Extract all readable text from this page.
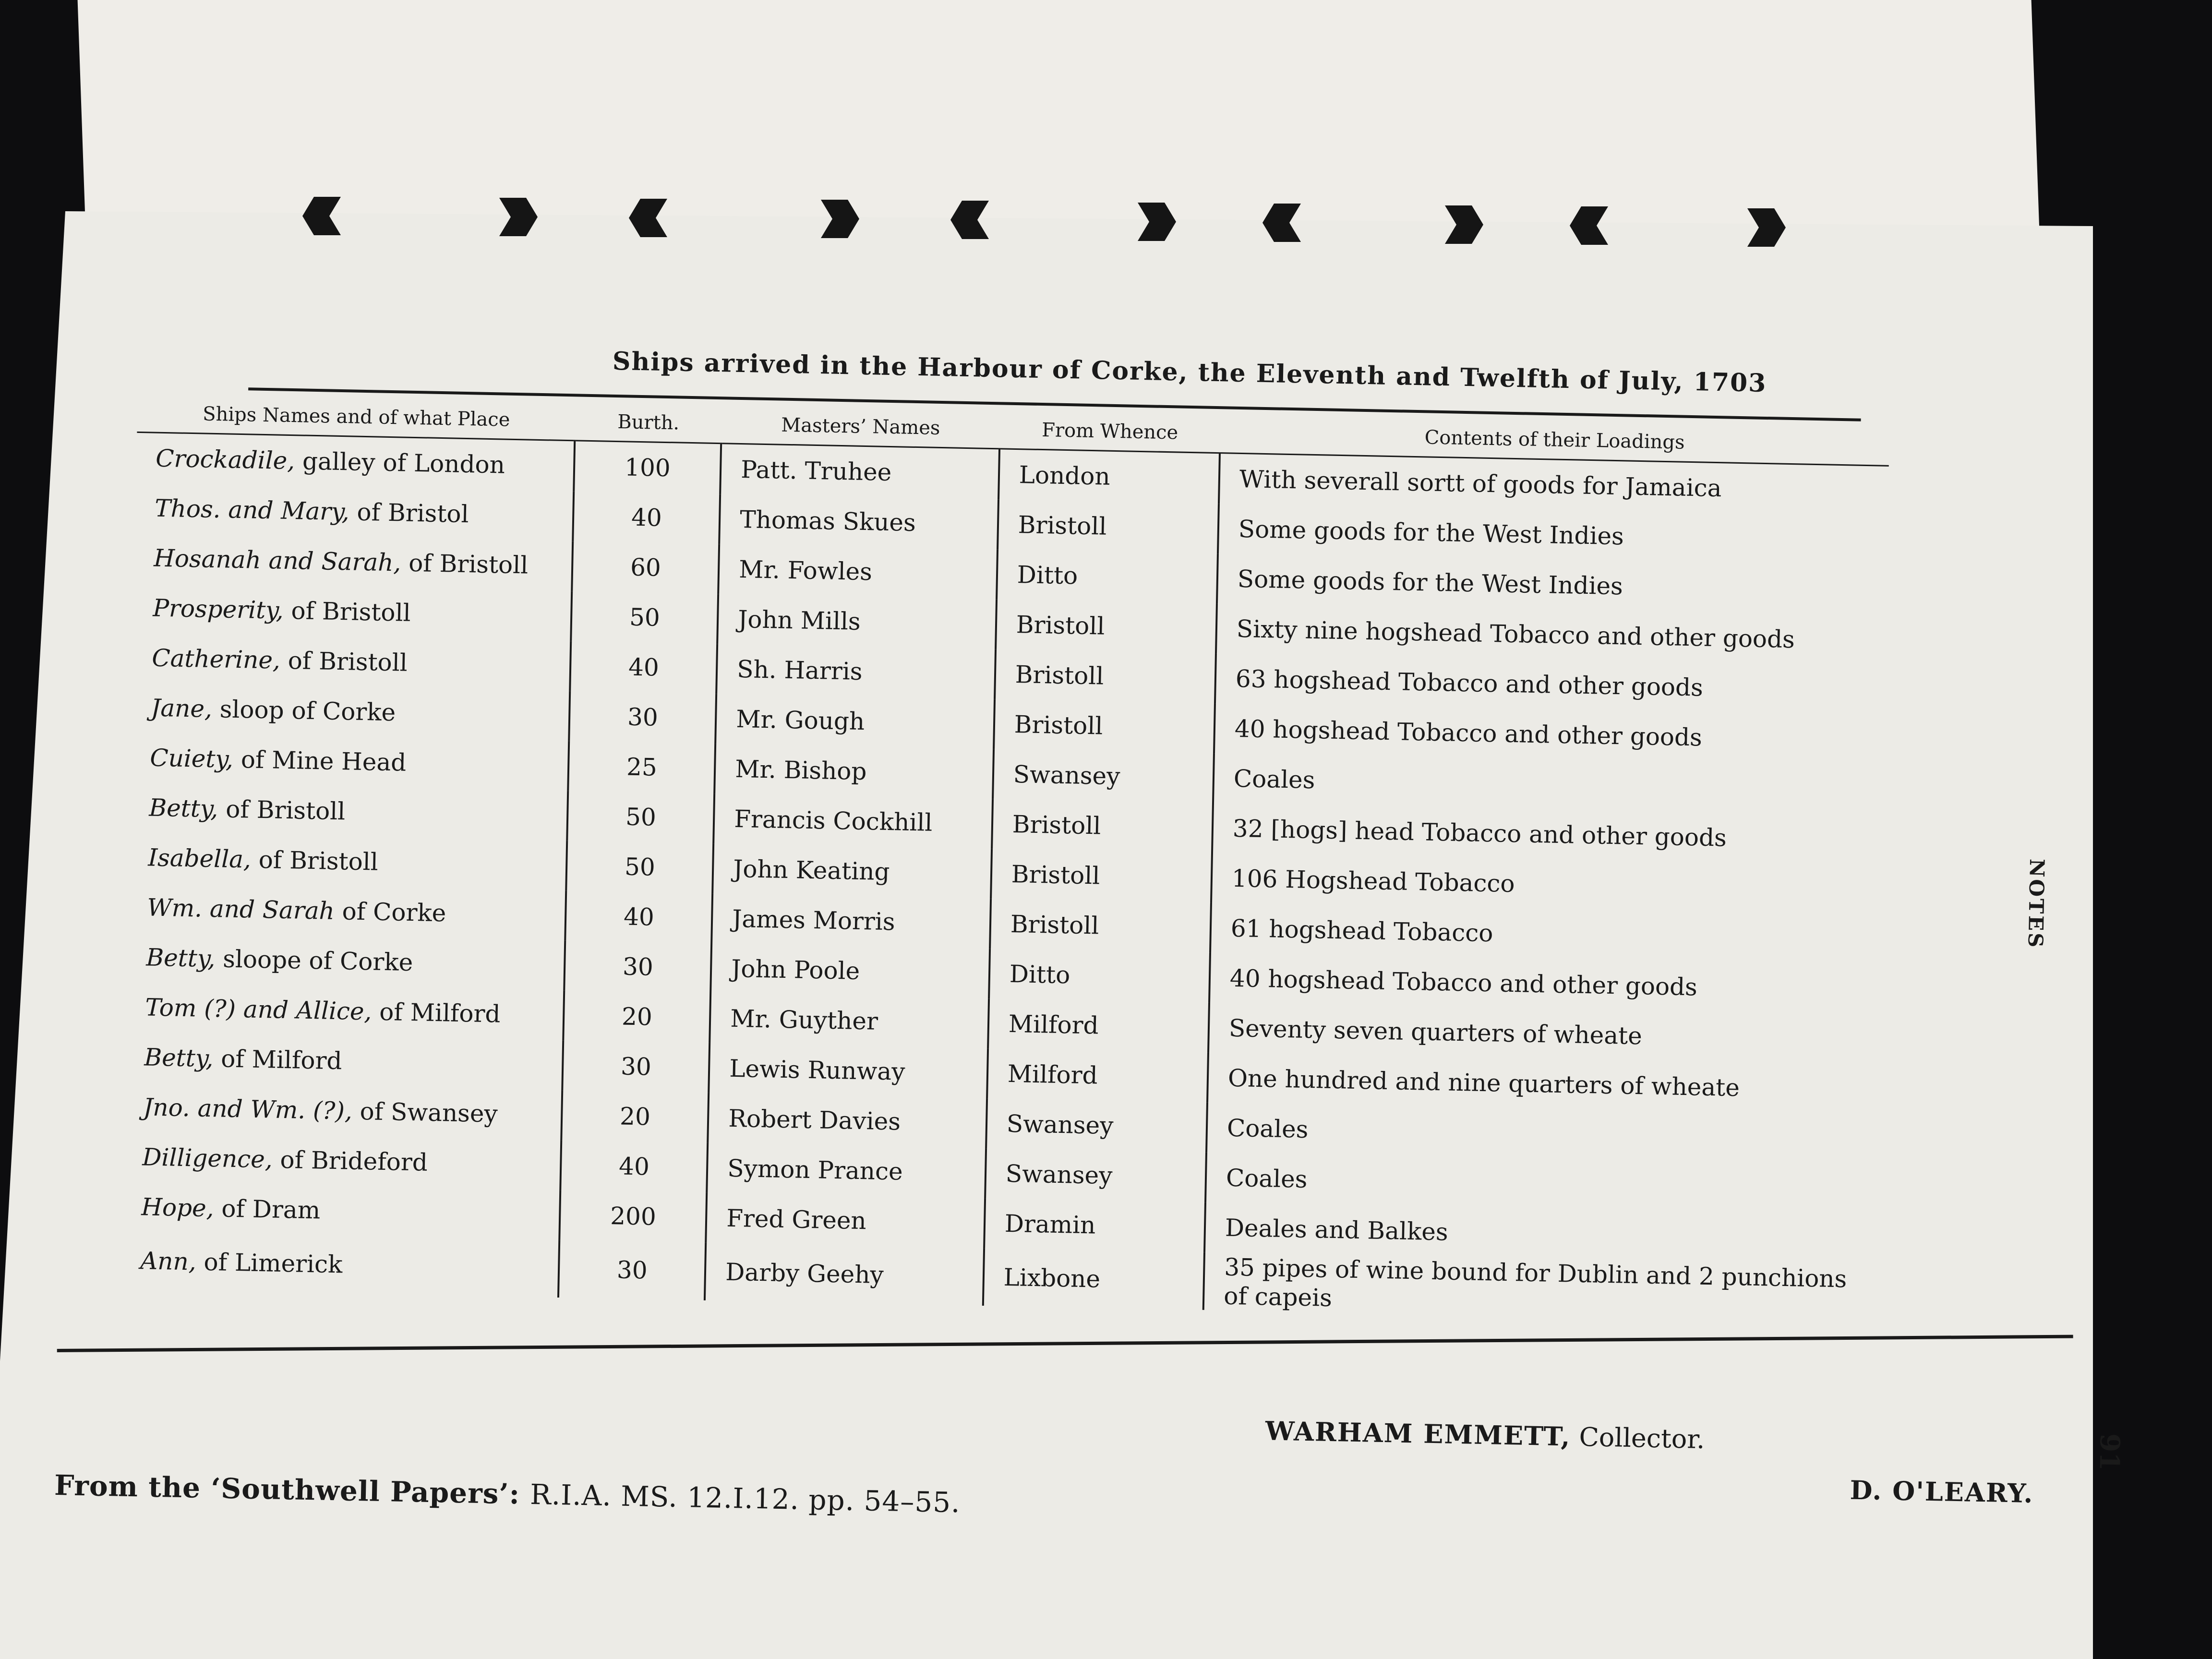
Ships arrived in the Harbour of Corke, the Eleventh and Twelfth of July, 1703
Ships Names and of what Place	Burth.	Masters’ Names	From Whence	Contents of their Loadings
Crockadile, galley of London	100	Patt. Truhee	London	With severall sortt of goods for Jamaica
Thos. and Mary, of Bristol	40	Thomas Skues	Bristoll	Some goods for the West Indies
Hosanah and Sarah, of Bristoll	60	Mr. Fowles	Ditto	Some goods for the West Indies
Prosperity, of Bristoll	50	John Mills	Bristoll	Sixty nine hogshead Tobacco and other goods
Catherine, of Bristoll	40	Sh. Harris	Bristoll	63 hogshead Tobacco and other goods
Jane, sloop of Corke	30	Mr. Gough	Bristoll	40 hogshead Tobacco and other goods
Cuiety, of Mine Head	25	Mr. Bishop	Swansey	Coales
Betty, of Bristoll	50	Francis Cockhill	Bristoll	32 [hogs] head Tobacco and other goods
Isabella, of Bristoll	50	John Keating	Bristoll	106 Hogshead Tobacco
Wm. and Sarah of Corke	40	James Morris	Bristoll	61 hogshead Tobacco
Betty, sloope of Corke	30	John Poole	Ditto	40 hogshead Tobacco and other goods
Tom (?) and Allice, of Milford	20	Mr. Guyther	Milford	Seventy seven quarters of wheate
Betty, of Milford	30	Lewis Runway	Milford	One hundred and nine quarters of wheate
Jno. and Wm. (?), of Swansey	20	Robert Davies	Swansey	Coales
Dilligence, of Brideford	40	Symon Prance	Swansey	Coales
Hope, of Dram	200	Fred Green	Dramin	Deales and Balkes
Ann, of Limerick	30	Darby Geehy	Lixbone	35 pipes of wine bound for Dublin and 2 punchions of capeis
WARHAM EMMETT, Collector.
D. O'LEARY.
From the ‘Southwell Papers’: R.I.A. MS. 12.I.12. pp. 54–55.
NOTES
91
